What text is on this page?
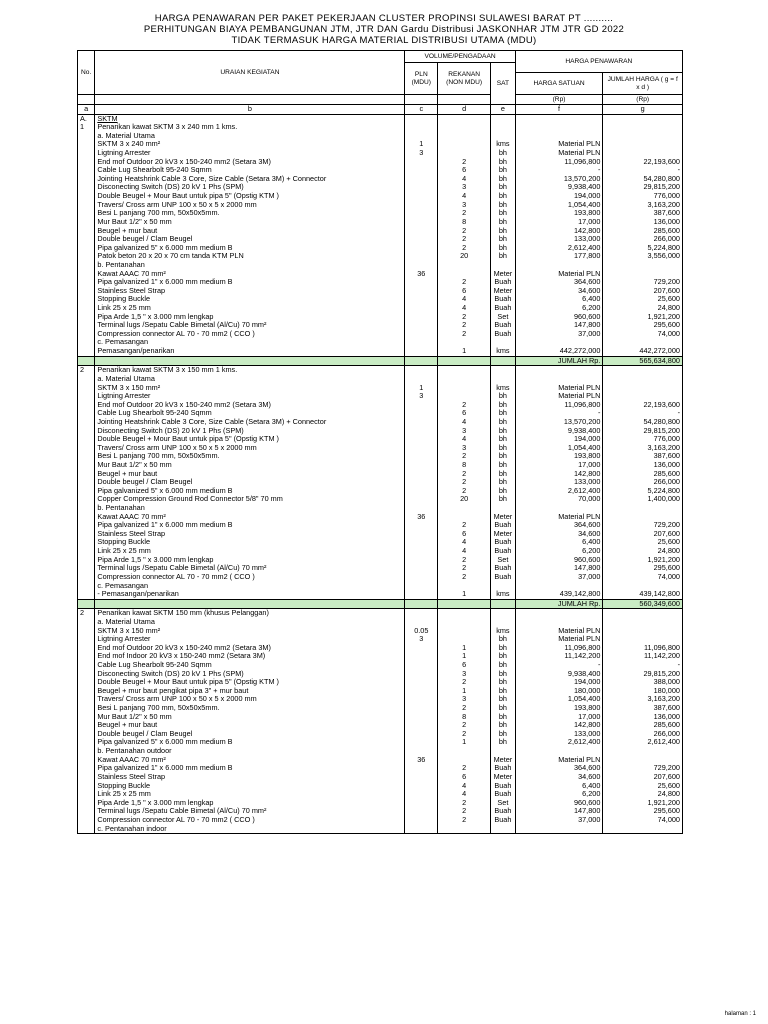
HARGA PENAWARAN PER PAKET PEKERJAAN CLUSTER PROPINSI SULAWESI BARAT PT ..........
PERHITUNGAN BIAYA PEMBANGUNAN JTM, JTR DAN Gardu Distribusi JASKONHAR JTM JTR GD 2022
TIDAK TERMASUK HARGA MATERIAL DISTRIBUSI UTAMA (MDU)
No.	URAIAN KEGIATAN	VOLUME/PENGADAAN			HARGA PENAWARAN	
		PLN (MDU)	REKANAN (NON MDU)	SAT		
					HARGA SATUAN	JUMLAH HARGA ( g = f x d )
					(Rp)	(Rp)
a	b	c	d	e	f	g
A.	SKTM					
1	Penarikan kawat SKTM 3 x 240 mm 1 kms.					
	a. Material Utama					
	SKTM 3 x 240 mm²	1		kms	Material PLN	
	Ligtning Arrester	3		bh	Material PLN	
	End mof Outdoor 20 kV3 x 150-240 mm2 (Setara 3M)		2	bh	11,096,800	22,193,600
	Cable Lug Shearbolt 95-240 Sqmm		6	bh	-	-
	Jointing Heatshrink Cable 3 Core, Size Cable (Setara 3M) + Connector		4	bh	13,570,200	54,280,800
	Disconecting Switch (DS) 20 kV 1 Phs (SPM)		3	bh	9,938,400	29,815,200
	Double Beugel + Mour Baut untuk pipa 5" (Opstig KTM )		4	bh	194,000	776,000
	Travers/ Cross arm UNP 100 x 50 x 5 x 2000 mm		3	bh	1,054,400	3,163,200
	Besi L panjang 700 mm, 50x50x5mm.		2	bh	193,800	387,600
	Mur Baut 1/2" x 50 mm		8	bh	17,000	136,000
	Beugel + mur baut		2	bh	142,800	285,600
	Double beugel / Clam Beugel		2	bh	133,000	266,000
	Pipa galvanized 5" x 6.000 mm medium B		2	bh	2,612,400	5,224,800
	Patok beton 20 x 20 x 70 cm tanda KTM PLN		20	bh	177,800	3,556,000
	b. Pentanahan					
	Kawat AAAC 70 mm²	36		Meter	Material PLN	
	Pipa galvanized 1" x 6.000 mm medium B		2	Buah	364,600	729,200
	Stainless Steel Strap		6	Meter	34,600	207,600
	Stopping Buckle		4	Buah	6,400	25,600
	Link 25 x 25 mm		4	Buah	6,200	24,800
	Pipa Arde 1,5 " x 3.000 mm lengkap		2	Set	960,600	1,921,200
	Terminal lugs /Sepatu Cable Bimetal (Al/Cu) 70 mm²		2	Buah	147,800	295,600
	Compression connector AL 70 - 70 mm2 ( CCO )		2	Buah	37,000	74,000
	c. Pemasangan					
	Pemasangan/penarikan		1	kms	442,272,000	442,272,000
					JUMLAH Rp.	565,634,800
2	Penarikan kawat SKTM 3 x 150 mm 1 kms.					
	a. Material Utama					
	SKTM 3 x 150 mm²	1		kms	Material PLN	
	Ligtning Arrester	3		bh	Material PLN	
	End mof Outdoor 20 kV3 x 150-240 mm2 (Setara 3M)		2	bh	11,096,800	22,193,600
	Cable Lug Shearbolt 95-240 Sqmm		6	bh	-	-
	Jointing Heatshrink Cable 3 Core, Size Cable (Setara 3M) + Connector		4	bh	13,570,200	54,280,800
	Disconecting Switch (DS) 20 kV 1 Phs (SPM)		3	bh	9,938,400	29,815,200
	Double Beugel + Mour Baut untuk pipa 5" (Opstig KTM )		4	bh	194,000	776,000
	Travers/ Cross arm UNP 100 x 50 x 5 x 2000 mm		3	bh	1,054,400	3,163,200
	Besi L panjang 700 mm, 50x50x5mm.		2	bh	193,800	387,600
	Mur Baut 1/2" x 50 mm		8	bh	17,000	136,000
	Beugel + mur baut		2	bh	142,800	285,600
	Double beugel / Clam Beugel		2	bh	133,000	266,000
	Pipa galvanized 5" x 6.000 mm medium B		2	bh	2,612,400	5,224,800
	Copper Compression Ground Rod Connector 5/8" 70 mm		20	bh	70,000	1,400,000
	b. Pentanahan					
	Kawat AAAC 70 mm²	36		Meter	Material PLN	
	Pipa galvanized 1" x 6.000 mm medium B		2	Buah	364,600	729,200
	Stainless Steel Strap		6	Meter	34,600	207,600
	Stopping Buckle		4	Buah	6,400	25,600
	Link 25 x 25 mm		4	Buah	6,200	24,800
	Pipa Arde 1,5 " x 3.000 mm lengkap		2	Set	960,600	1,921,200
	Terminal lugs /Sepatu Cable Bimetal (Al/Cu) 70 mm²		2	Buah	147,800	295,600
	Compression connector AL 70 - 70 mm2 ( CCO )		2	Buah	37,000	74,000
	c. Pemasangan					
	- Pemasangan/penarikan		1	kms	439,142,800	439,142,800
					JUMLAH Rp.	560,349,600
2	Penarikan kawat SKTM 150 mm (khusus Pelanggan)					
	a. Material Utama					
	SKTM 3 x 150 mm²	0.05		kms	Material PLN	
	Ligtning Arrester	3		bh	Material PLN	
	End mof Outdoor 20 kV3 x 150-240 mm2 (Setara 3M)		1	bh	11,096,800	11,096,800
	End mof Indoor 20 kV3 x 150-240 mm2 (Setara 3M)		1	bh	11,142,200	11,142,200
	Cable Lug Shearbolt 95-240 Sqmm		6	bh	-	-
	Disconecting Switch (DS) 20 kV 1 Phs (SPM)		3	bh	9,938,400	29,815,200
	Double Beugel + Mour Baut untuk pipa 5" (Opstig KTM )		2	bh	194,000	388,000
	Beugel + mur baut pengikat pipa 3" + mur baut		1	bh	180,000	180,000
	Travers/ Cross arm UNP 100 x 50 x 5 x 2000 mm		3	bh	1,054,400	3,163,200
	Besi L panjang 700 mm, 50x50x5mm.		2	bh	193,800	387,600
	Mur Baut 1/2" x 50 mm		8	bh	17,000	136,000
	Beugel + mur baut		2	bh	142,800	285,600
	Double beugel / Clam Beugel		2	bh	133,000	266,000
	Pipa galvanized 5" x 6.000 mm medium B		1	bh	2,612,400	2,612,400
	b. Pentanahan outdoor					
	Kawat AAAC 70 mm²	36		Meter	Material PLN	
	Pipa galvanized 1" x 6.000 mm medium B		2	Buah	364,600	729,200
	Stainless Steel Strap		6	Meter	34,600	207,600
	Stopping Buckle		4	Buah	6,400	25,600
	Link 25 x 25 mm		4	Buah	6,200	24,800
	Pipa Arde 1,5 " x 3.000 mm lengkap		2	Set	960,600	1,921,200
	Terminal lugs /Sepatu Cable Bimetal (Al/Cu) 70 mm²		2	Buah	147,800	295,600
	Compression connector AL 70 - 70 mm2 ( CCO )		2	Buah	37,000	74,000
	c. Pentanahan indoor					
halaman : 1
